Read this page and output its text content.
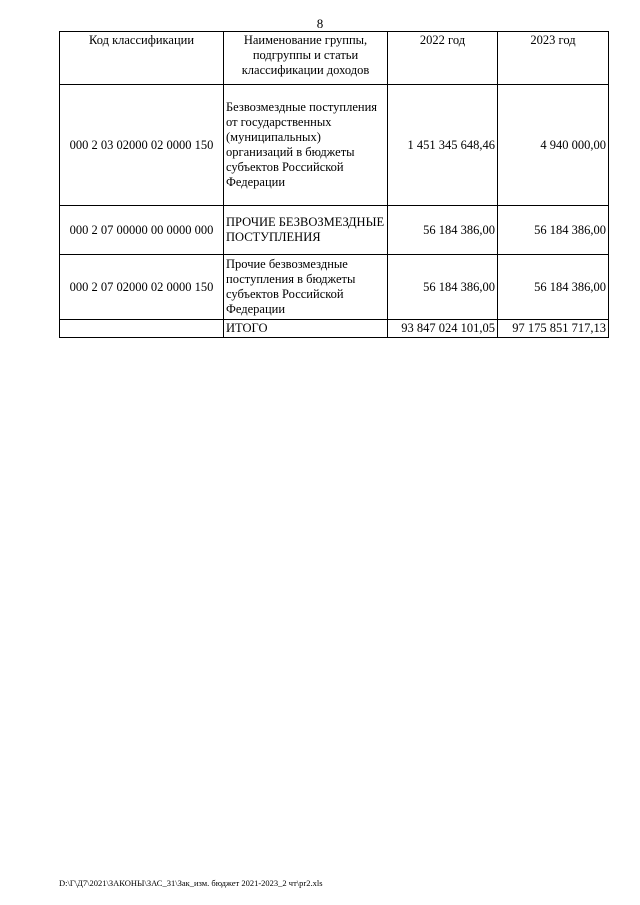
8
Код классификации	Наименование группы, подгруппы и статьи классификации доходов	2022 год	2023 год
000 2 03 02000 02 0000 150	Безвозмездные поступления от государственных (муниципальных) организаций в бюджеты субъектов Российской Федерации	1 451 345 648,46	4 940 000,00
000 2 07 00000 00 0000 000	ПРОЧИЕ БЕЗВОЗМЕЗДНЫЕ ПОСТУПЛЕНИЯ	56 184 386,00	56 184 386,00
000 2 07 02000 02 0000 150	Прочие безвозмездные поступления в бюджеты субъектов Российской Федерации	56 184 386,00	56 184 386,00
	ИТОГО	93 847 024 101,05	97 175 851 717,13
D:\Г\Д7\2021\ЗАКОНЫ\ЗАС_31\Зак_изм. бюджет 2021-2023_2 чт\pr2.xls
